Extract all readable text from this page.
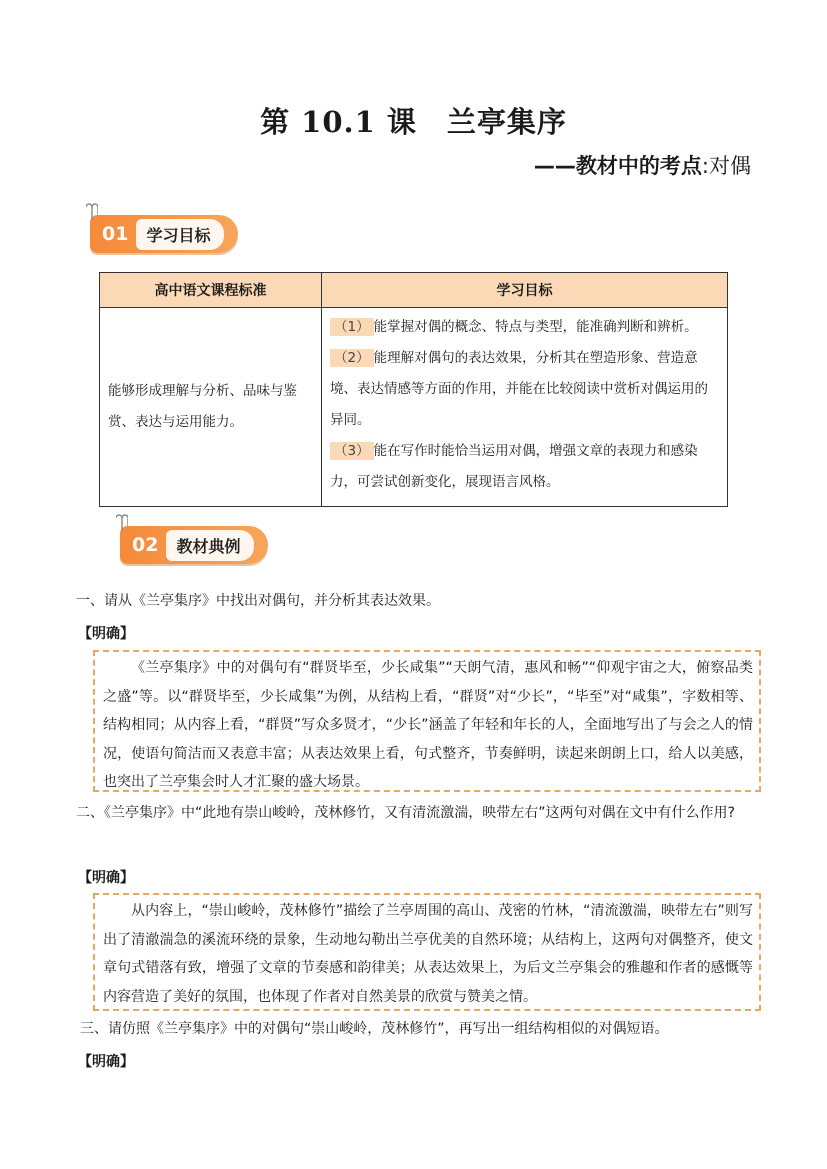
第 10.1 课 兰亭集序

——教材中的考点:对偶

01	学习目标
高中语文课程标准	学习目标
能够形成理解与分析、品味与鉴赏、表达与运用能力。	（1） 能掌握对偶的概念、特点与类型，能准确判断和辨析。
（2） 能理解对偶句的表达效果，分析其在塑造形象、营造意境、表达情感等方面的作用，并能在比较阅读中赏析对偶运用的异同。
（3） 能在写作时能恰当运用对偶，增强文章的表现力和感染力，可尝试创新变化，展现语言风格。
02	教材典例

一、请从《兰亭集序》中找出对偶句，并分析其表达效果。

【明确】

《兰亭集序》中的对偶句有“群贤毕至，少长咸集”“天朗气清，惠风和畅”“仰观宇宙之大，俯察品类之盛”等。以“群贤毕至，少长咸集”为例，从结构上看，“群贤”对“少长”，“毕至”对“咸集”，字数相等、结构相同；从内容上看，“群贤”写众多贤才，“少长”涵盖了年轻和年长的人，全面地写出了与会之人的情况，使语句简洁而又表意丰富；从表达效果上看，句式整齐，节奏鲜明，读起来朗朗上口，给人以美感，也突出了兰亭集会时人才汇聚的盛大场景。

二、《兰亭集序》中“此地有崇山峻岭，茂林修竹，又有清流激湍，映带左右”这两句对偶在文中有什么作用?

【明确】

从内容上，“崇山峻岭，茂林修竹”描绘了兰亭周围的高山、茂密的竹林，“清流激湍，映带左右”则写出了清澈湍急的溪流环绕的景象，生动地勾勒出兰亭优美的自然环境；从结构上，这两句对偶整齐，使文章句式错落有致，增强了文章的节奏感和韵律美；从表达效果上，为后文兰亭集会的雅趣和作者的感慨等内容营造了美好的氛围，也体现了作者对自然美景的欣赏与赞美之情。

三、请仿照《兰亭集序》中的对偶句“崇山峻岭，茂林修竹”，再写出一组结构相似的对偶短语。

【明确】
